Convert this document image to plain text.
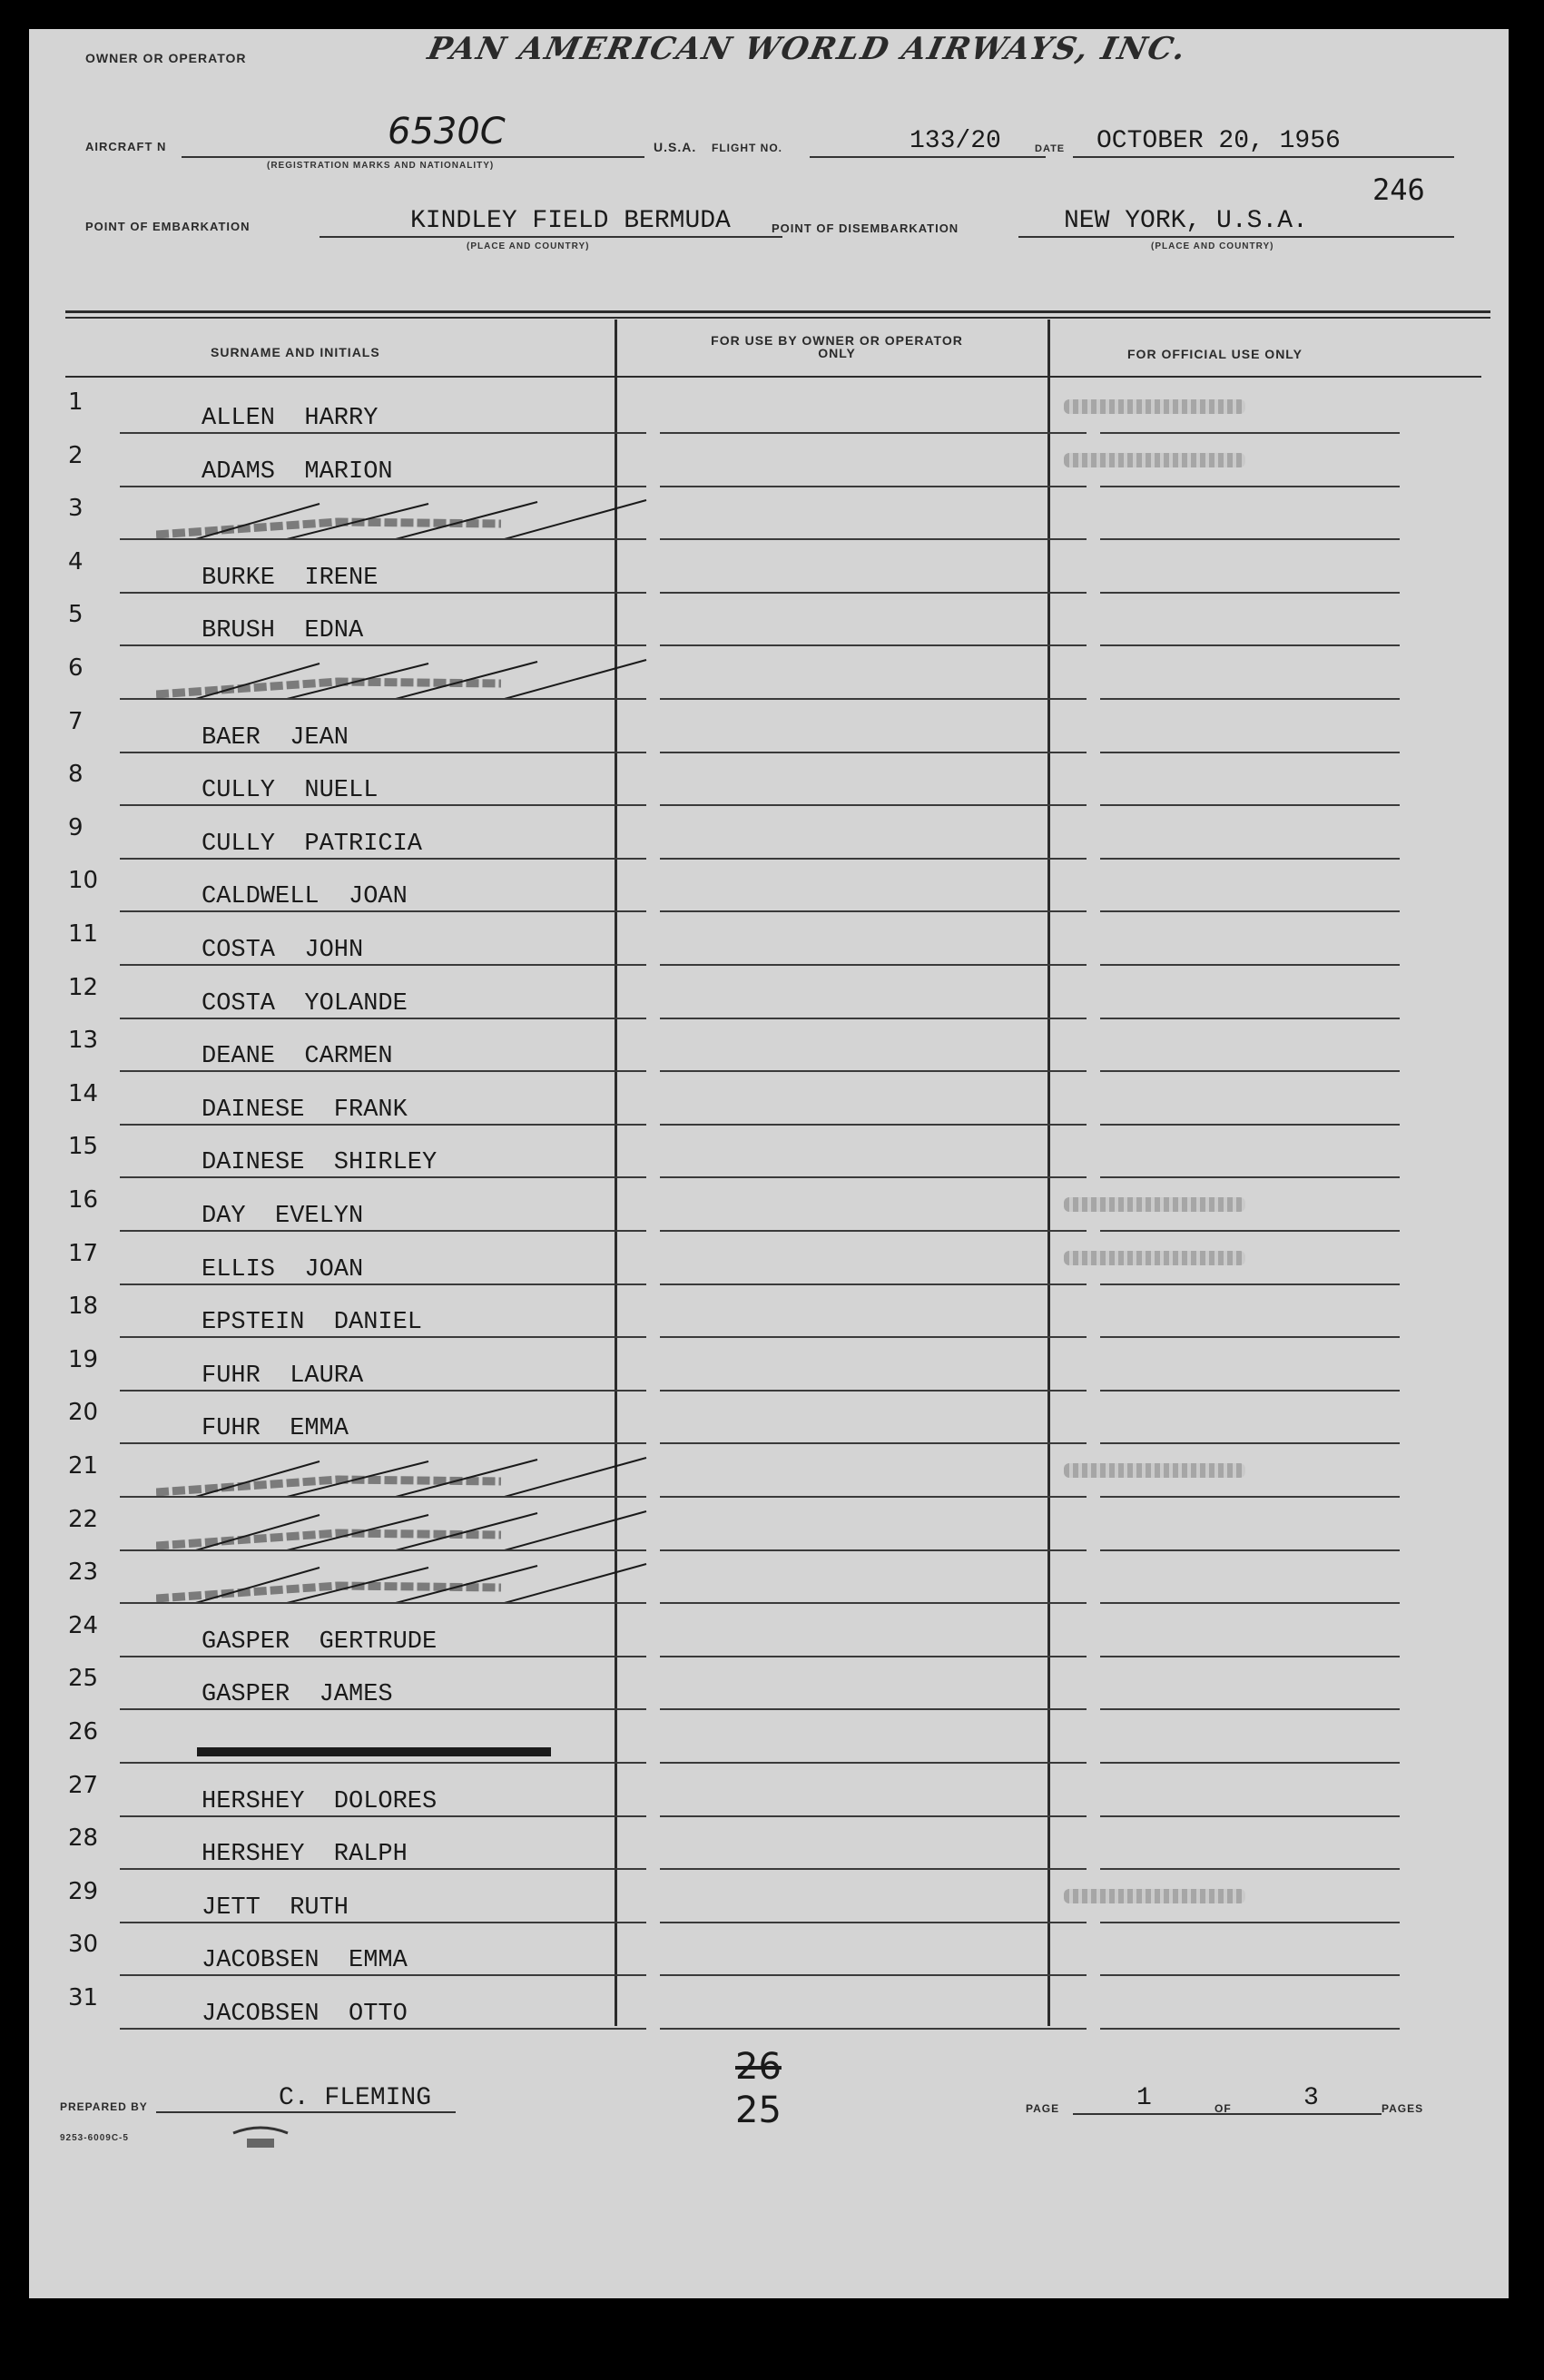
OWNER OR OPERATOR	PAN AMERICAN WORLD AIRWAYS, INC.
AIRCRAFT N	6530C
(REGISTRATION MARKS AND NATIONALITY)
U.S.A. FLIGHT NO.	133/20	DATE OCTOBER 20, 1956
246
POINT OF EMBARKATION	KINDLEY FIELD BERMUDA
(PLACE AND COUNTRY)
POINT OF DISEMBARKATION	NEW YORK, U.S.A.
(PLACE AND COUNTRY)
SURNAME AND INITIALS
FOR USE BY OWNER OR OPERATOR ONLY	FOR OFFICIAL USE ONLY
1
ALLEN HARRY
2
ADAMS MARION
3
4
BURKE IRENE
5
BRUSH EDNA
6
7
BAER JEAN
8
CULLY NUELL
9
CULLY PATRICIA
10
CALDWELL JOAN
11
COSTA JOHN
12
COSTA YOLANDE
13
DEANE CARMEN
14
DAINESE FRANK
15
DAINESE SHIRLEY
16
DAY EVELYN
17
ELLIS JOAN
18
EPSTEIN DANIEL
19
FUHR LAURA
20
FUHR EMMA
21
22
23
24
GASPER GERTRUDE
25
GASPER JAMES
26
27
HERSHEY DOLORES
28
HERSHEY RALPH
29
JETT RUTH
30
JACOBSEN EMMA
31
JACOBSEN OTTO
PREPARED BY	C. FLEMING
26
25	PAGE	1	OF	3	PAGES
9253-6009C-5
